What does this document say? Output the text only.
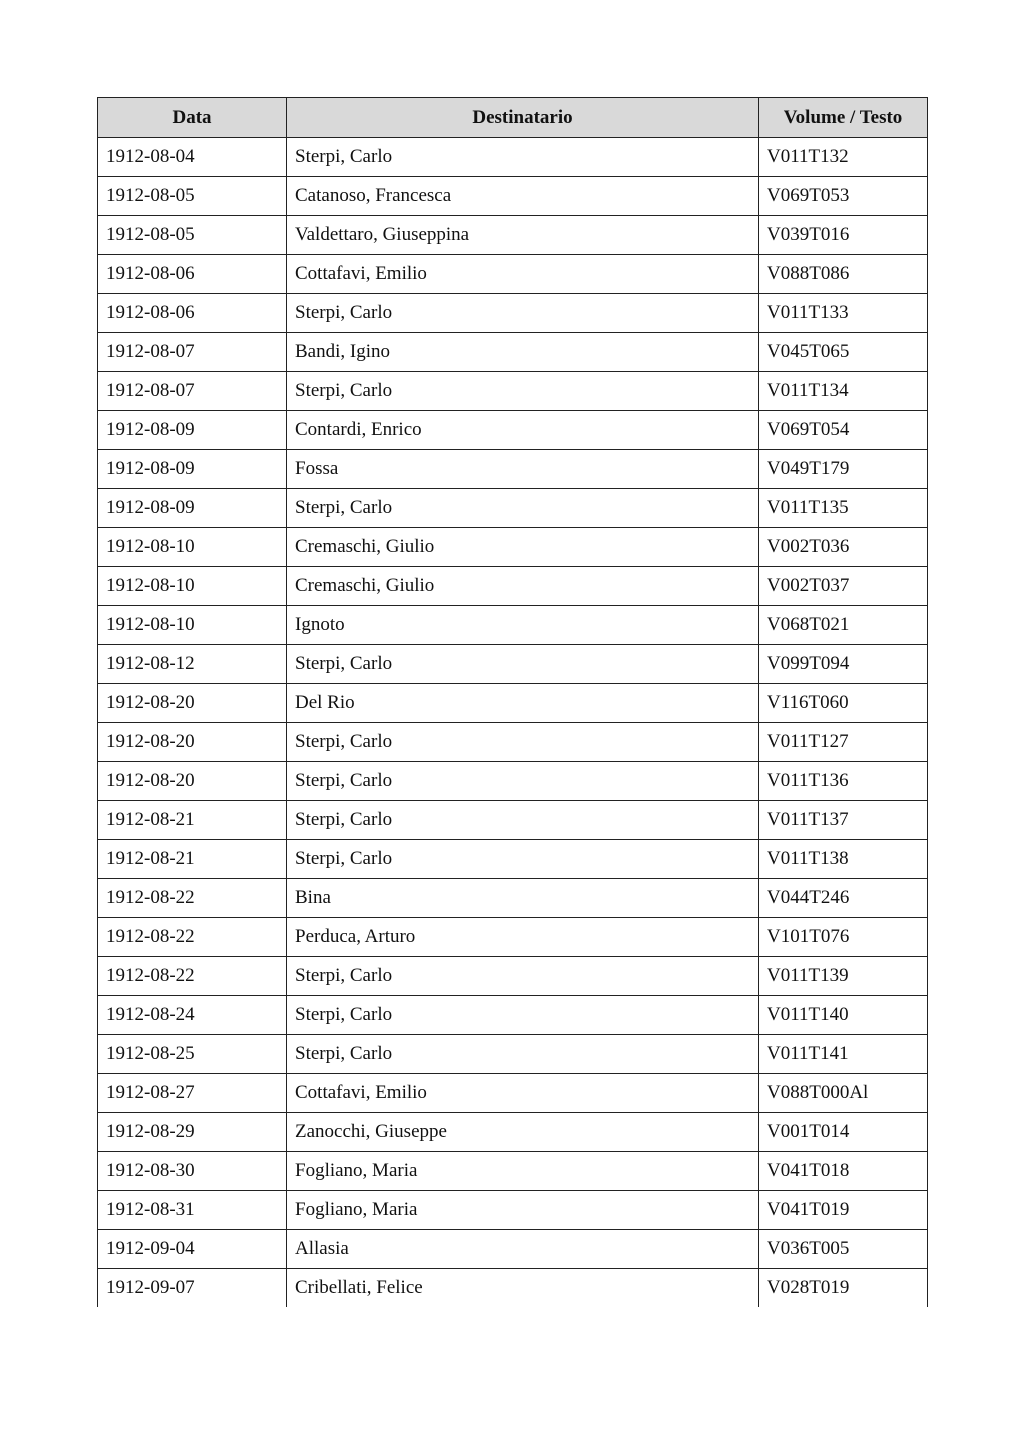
Data	Destinatario	Volume / Testo
1912-08-04	Sterpi, Carlo	V011T132
1912-08-05	Catanoso, Francesca	V069T053
1912-08-05	Valdettaro, Giuseppina	V039T016
1912-08-06	Cottafavi, Emilio	V088T086
1912-08-06	Sterpi, Carlo	V011T133
1912-08-07	Bandi, Igino	V045T065
1912-08-07	Sterpi, Carlo	V011T134
1912-08-09	Contardi, Enrico	V069T054
1912-08-09	Fossa	V049T179
1912-08-09	Sterpi, Carlo	V011T135
1912-08-10	Cremaschi, Giulio	V002T036
1912-08-10	Cremaschi, Giulio	V002T037
1912-08-10	Ignoto	V068T021
1912-08-12	Sterpi, Carlo	V099T094
1912-08-20	Del Rio	V116T060
1912-08-20	Sterpi, Carlo	V011T127
1912-08-20	Sterpi, Carlo	V011T136
1912-08-21	Sterpi, Carlo	V011T137
1912-08-21	Sterpi, Carlo	V011T138
1912-08-22	Bina	V044T246
1912-08-22	Perduca, Arturo	V101T076
1912-08-22	Sterpi, Carlo	V011T139
1912-08-24	Sterpi, Carlo	V011T140
1912-08-25	Sterpi, Carlo	V011T141
1912-08-27	Cottafavi, Emilio	V088T000Al
1912-08-29	Zanocchi, Giuseppe	V001T014
1912-08-30	Fogliano, Maria	V041T018
1912-08-31	Fogliano, Maria	V041T019
1912-09-04	Allasia	V036T005
1912-09-07	Cribellati, Felice	V028T019
